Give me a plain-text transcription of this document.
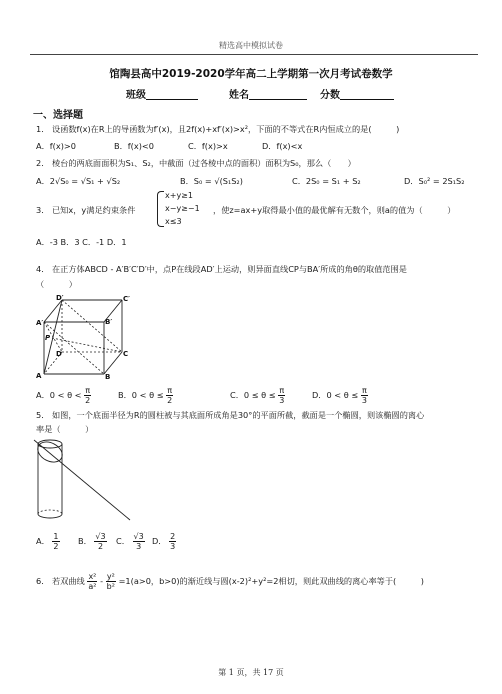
精选高中模拟试卷
馆陶县高中2019-2020学年高二上学期第一次月考试卷数学
班级	姓名	分数
一、选择题
1． 设函数f(x)在R上的导函数为f′(x)，且2f(x)+xf′(x)>x²，下面的不等式在R内恒成立的是(　　　)
A．f(x)>0	B．f(x)<0	C．f(x)>x	D．f(x)<x
2． 棱台的两底面面积为S₁、S₂，中截面（过各棱中点的面积）面积为S₀，那么（　　）
A．2√S₀ = √S₁ + √S₂	B．S₀ = √(S₁S₂)	C．2S₀ = S₁ + S₂	D．S₀² = 2S₁S₂
3． 已知x，y满足约束条件
x+y≥1
x−y≥−1
x≤3
，使z=ax+y取得最小值的最优解有无数个，则a的值为（　　　）
A．-3 B．3 C．-1 D．1
4． 在正方体ABCD - A′B′C′D′中，点P在线段AD′上运动，则异面直线CP与BA′所成的角θ的取值范围是
（　　　）
D′	C′
A′	B′
P
D	C
A	B
A．$0 < \theta < \frac{\pi}{2}$	B．$0 < \theta \le \frac{\pi}{2}$	C．$0 \le \theta \le \frac{\pi}{3}$	D．$0 < \theta \le \frac{\pi}{3}$
5． 如图，一个底面半径为R的圆柱被与其底面所成角是30°的平面所截，截面是一个椭圆，则该椭圆的离心
率是（　　　）
A． $\frac{1}{2}$ B． $\frac{√3}{2}$ C． $\frac{√3}{3}$ D． $\frac{2}{3}$
6． 若双曲线 $\frac{\text{x²}}{\text{a²}} - \frac{\text{y²}}{\text{b²}} =1(a>0$，b>0)的渐近线与圆(x-2)²+y²=2相切，则此双曲线的离心率等于(　　　)
第 1 页，共 17 页
